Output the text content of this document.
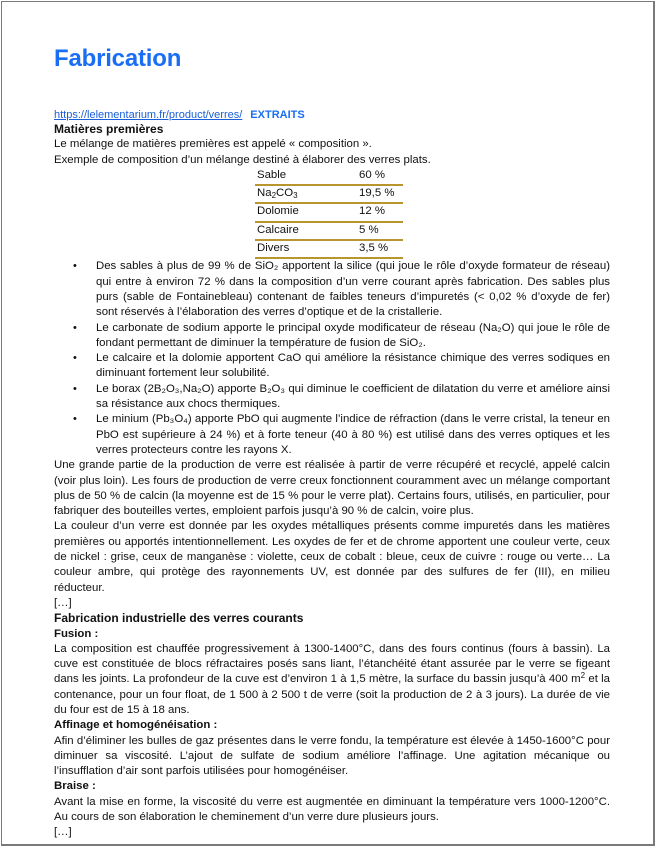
Fabrication
https://lelementarium.fr/product/verres/ EXTRAITS

Matières premières

Le mélange de matières premières est appelé « composition ».

Exemple de composition d’un mélange destiné à élaborer des verres plats.

Sable	60 %
$Na_2CO_3$	19,5 %
Dolomie	12 %
Calcaire	5 %
Divers	3,5 %
• Des sables à plus de 99 % de SiO₂ apportent la silice (qui joue le rôle d’oxyde formateur de réseau) qui entre à environ 72 % dans la composition d’un verre courant après fabrication. Des sables plus purs (sable de Fontainebleau) contenant de faibles teneurs d’impuretés (< 0,02 % d’oxyde de fer) sont réservés à l’élaboration des verres d’optique et de la cristallerie.
• Le carbonate de sodium apporte le principal oxyde modificateur de réseau (Na₂O) qui joue le rôle de fondant permettant de diminuer la température de fusion de SiO₂.
• Le calcaire et la dolomie apportent CaO qui améliore la résistance chimique des verres sodiques en diminuant fortement leur solubilité.
• Le borax (2B₂O₃,Na₂O) apporte B₂O₃ qui diminue le coefficient de dilatation du verre et améliore ainsi sa résistance aux chocs thermiques.
• Le minium (Pb₃O₄) apporte PbO qui augmente l’indice de réfraction (dans le verre cristal, la teneur en PbO est supérieure à 24 %) et à forte teneur (40 à 80 %) est utilisé dans des verres optiques et les verres protecteurs contre les rayons X.

Une grande partie de la production de verre est réalisée à partir de verre récupéré et recyclé, appelé calcin (voir plus loin). Les fours de production de verre creux fonctionnent couramment avec un mélange comportant plus de 50 % de calcin (la moyenne est de 15 % pour le verre plat). Certains fours, utilisés, en particulier, pour fabriquer des bouteilles vertes, emploient parfois jusqu’à 90 % de calcin, voire plus.

La couleur d’un verre est donnée par les oxydes métalliques présents comme impuretés dans les matières premières ou apportés intentionnellement. Les oxydes de fer et de chrome apportent une couleur verte, ceux de nickel : grise, ceux de manganèse : violette, ceux de cobalt : bleue, ceux de cuivre : rouge ou verte… La couleur ambre, qui protège des rayonnements UV, est donnée par des sulfures de fer (III), en milieu réducteur.

[…]

Fabrication industrielle des verres courants

Fusion :

La composition est chauffée progressivement à 1300-1400°C, dans des fours continus (fours à bassin). La cuve est constituée de blocs réfractaires posés sans liant, l’étanchéité étant assurée par le verre se figeant dans les joints. La profondeur de la cuve est d’environ 1 à 1,5 mètre, la surface du bassin jusqu’à 400 $m^2$ et la contenance, pour un four float, de 1 500 à 2 500 t de verre (soit la production de 2 à 3 jours). La durée de vie du four est de 15 à 18 ans.

Affinage et homogénéisation :

Afin d’éliminer les bulles de gaz présentes dans le verre fondu, la température est élevée à 1450-1600°C pour diminuer sa viscosité. L’ajout de sulfate de sodium améliore l’affinage. Une agitation mécanique ou l’insufflation d’air sont parfois utilisées pour homogénéiser.

Braise :

Avant la mise en forme, la viscosité du verre est augmentée en diminuant la température vers 1000-1200°C. Au cours de son élaboration le cheminement d’un verre dure plusieurs jours.

[…]
